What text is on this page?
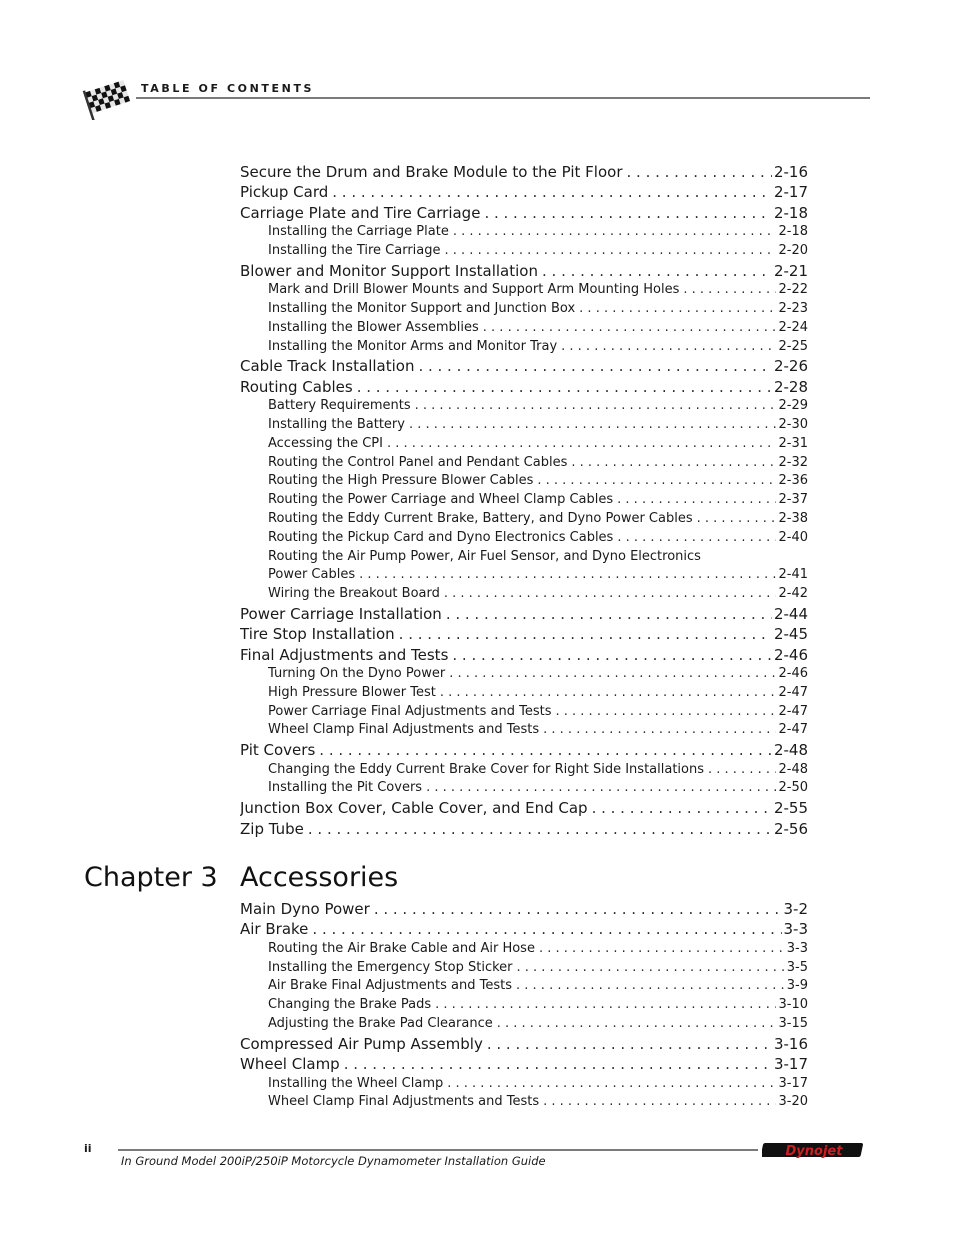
TABLE OF CONTENTS
Secure the Drum and Brake Module to the Pit Floor . . .	2-16
Pickup Card . . .	2-17
Carriage Plate and Tire Carriage . . .	2-18
Installing the Carriage Plate . . .	2-18
Installing the Tire Carriage . . .	2-20
Blower and Monitor Support Installation . . .	2-21
Mark and Drill Blower Mounts and Support Arm Mounting Holes . . .	2-22
Installing the Monitor Support and Junction Box . . .	2-23
Installing the Blower Assemblies . . .	2-24
Installing the Monitor Arms and Monitor Tray . . .	2-25
Cable Track Installation . . .	2-26
Routing Cables . . .	2-28
Battery Requirements . . .	2-29
Installing the Battery . . .	2-30
Accessing the CPI . . .	2-31
Routing the Control Panel and Pendant Cables . . .	2-32
Routing the High Pressure Blower Cables . . .	2-36
Routing the Power Carriage and Wheel Clamp Cables . . .	2-37
Routing the Eddy Current Brake, Battery, and Dyno Power Cables . . .	2-38
Routing the Pickup Card and Dyno Electronics Cables . . .	2-40
Routing the Air Pump Power, Air Fuel Sensor, and Dyno Electronics
Power Cables . . .	2-41
Wiring the Breakout Board . . .	2-42
Power Carriage Installation . . .	2-44
Tire Stop Installation . . .	2-45
Final Adjustments and Tests . . .	2-46
Turning On the Dyno Power . . .	2-46
High Pressure Blower Test . . .	2-47
Power Carriage Final Adjustments and Tests . . .	2-47
Wheel Clamp Final Adjustments and Tests . . .	2-47
Pit Covers . . .	2-48
Changing the Eddy Current Brake Cover for Right Side Installations . . .	2-48
Installing the Pit Covers . . .	2-50
Junction Box Cover, Cable Cover, and End Cap . . .	2-55
Zip Tube . . .	2-56
Chapter 3 Accessories
Main Dyno Power . . .	3-2
Air Brake . . .	3-3
Routing the Air Brake Cable and Air Hose . . .	3-3
Installing the Emergency Stop Sticker . . .	3-5
Air Brake Final Adjustments and Tests . . .	3-9
Changing the Brake Pads . . .	3-10
Adjusting the Brake Pad Clearance . . .	3-15
Compressed Air Pump Assembly . . .	3-16
Wheel Clamp . . .	3-17
Installing the Wheel Clamp . . .	3-17
Wheel Clamp Final Adjustments and Tests . . .	3-20
ii
In Ground Model 200iP/250iP Motorcycle Dynamometer Installation Guide
Dynojet
